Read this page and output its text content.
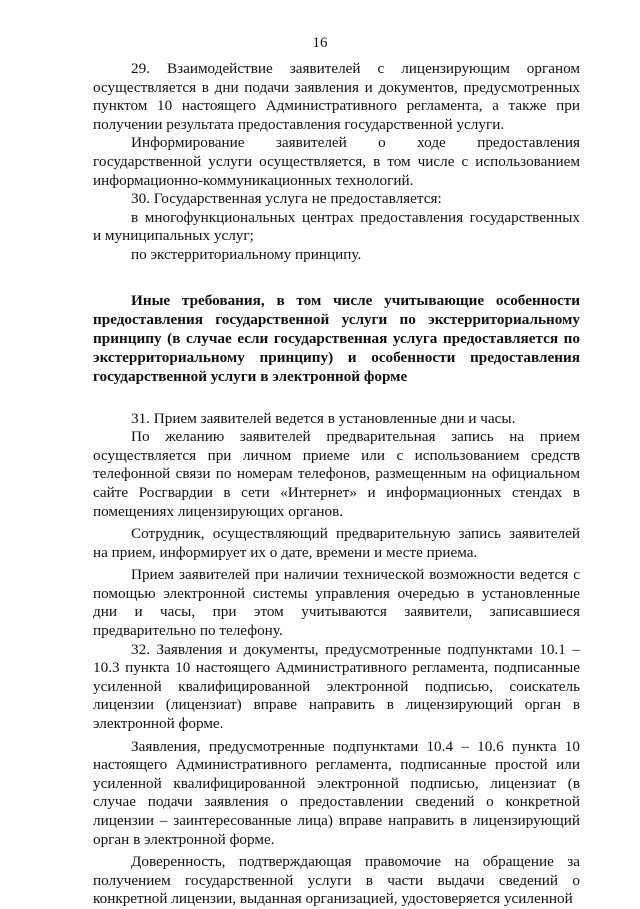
16

29. Взаимодействие заявителей с лицензирующим органом осуществляется в дни подачи заявления и документов, предусмотренных пунктом 10 настоящего Административного регламента, а также при получении результата предоставления государственной услуги.

Информирование заявителей о ходе предоставления государственной услуги осуществляется, в том числе с использованием информационно-коммуникационных технологий.

30. Государственная услуга не предоставляется:

в многофункциональных центрах предоставления государственных и муниципальных услуг;

по экстерриториальному принципу.

Иные требования, в том числе учитывающие особенности предоставления государственной услуги по экстерриториальному принципу (в случае если государственная услуга предоставляется по экстерриториальному принципу) и особенности предоставления государственной услуги в электронной форме

31. Прием заявителей ведется в установленные дни и часы.

По желанию заявителей предварительная запись на прием осуществляется при личном приеме или с использованием средств телефонной связи по номерам телефонов, размещенным на официальном сайте Росгвардии в сети «Интернет» и информационных стендах в помещениях лицензирующих органов.

Сотрудник, осуществляющий предварительную запись заявителей на прием, информирует их о дате, времени и месте приема.

Прием заявителей при наличии технической возможности ведется с помощью электронной системы управления очередью в установленные дни и часы, при этом учитываются заявители, записавшиеся предварительно по телефону.

32. Заявления и документы, предусмотренные подпунктами 10.1 – 10.3 пункта 10 настоящего Административного регламента, подписанные усиленной квалифицированной электронной подписью, соискатель лицензии (лицензиат) вправе направить в лицензирующий орган в электронной форме.

Заявления, предусмотренные подпунктами 10.4 – 10.6 пункта 10 настоящего Административного регламента, подписанные простой или усиленной квалифицированной электронной подписью, лицензиат (в случае подачи заявления о предоставлении сведений о конкретной лицензии – заинтересованные лица) вправе направить в лицензирующий орган в электронной форме.

Доверенность, подтверждающая правомочие на обращение за получением государственной услуги в части выдачи сведений о конкретной лицензии, выданная организацией, удостоверяется усиленной
